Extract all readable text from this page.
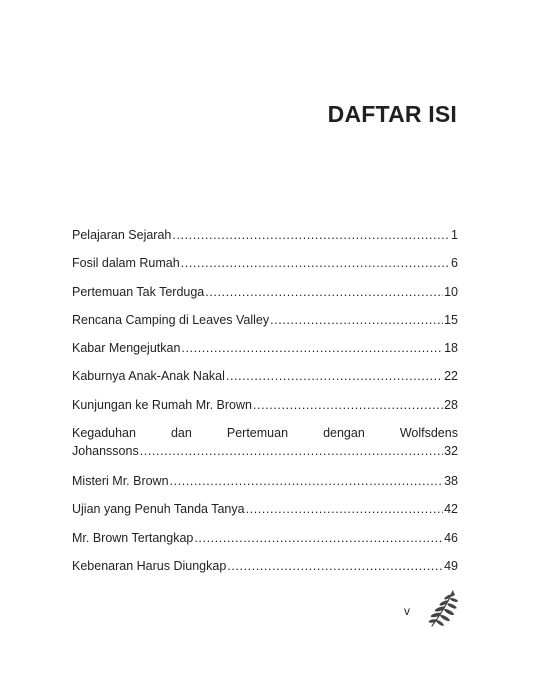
DAFTAR ISI
Pelajaran Sejarah .....	1
Fosil dalam Rumah .....	6
Pertemuan Tak Terduga .....	10
Rencana Camping di Leaves Valley .....	15
Kabar Mengejutkan .....	18
Kaburnya Anak-Anak Nakal .....	22
Kunjungan ke Rumah Mr. Brown .....	28
Kegaduhan	dan	Pertemuan	dengan	Wolfsdens
Johanssons .....	32
Misteri Mr. Brown .....	38
Ujian yang Penuh Tanda Tanya .....	42
Mr. Brown Tertangkap .....	46
Kebenaran Harus Diungkap .....	49
v
